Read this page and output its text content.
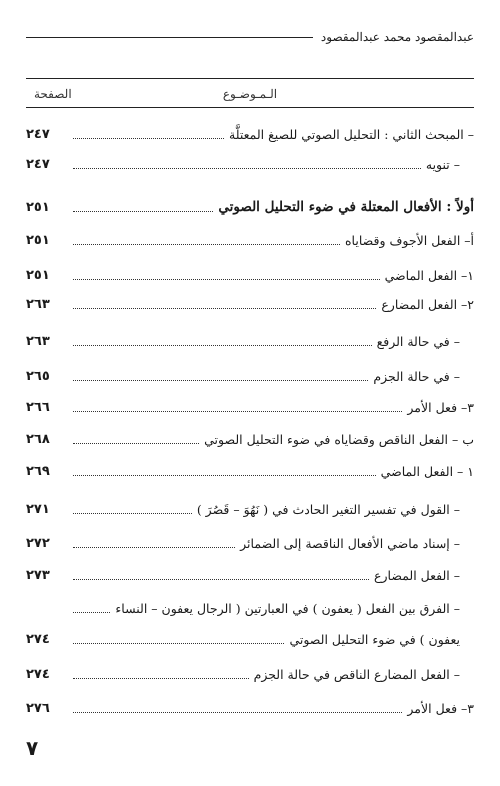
عبدالمقصود محمد عبدالمقصود
الـمـوضـوع
الصفحة
– المبحث الثاني : التحليل الصوتي للصيغ المعتلَّة
٢٤٧
– تنويه
٢٤٧
أولاً : الأفعال المعتلة في ضوء التحليل الصوتي
٢٥١
أ– الفعل الأجوف وقضاياه
٢٥١
١– الفعل الماضي
٢٥١
٢– الفعل المضارع
٢٦٣
– في حالة الرفع
٢٦٣
– في حالة الجزم
٢٦٥
٣– فعل الأمر
٢٦٦
ب – الفعل الناقص وقضاياه في ضوء التحليل الصوتي
٢٦٨
١ – الفعل الماضي
٢٦٩
– القول في تفسير التغير الحادث في ( نَهُوَ – قَصُرَ )
٢٧١
– إسناد ماضي الأفعال الناقصة إلى الضمائر
٢٧٢
– الفعل المضارع
٢٧٣
– الفرق بين الفعل ( يعفون ) في العبارتين ( الرجال يعفون – النساء
يعفون ) في ضوء التحليل الصوتي
٢٧٤
– الفعل المضارع الناقص في حالة الجزم
٢٧٤
٣– فعل الأمر
٢٧٦
٧
